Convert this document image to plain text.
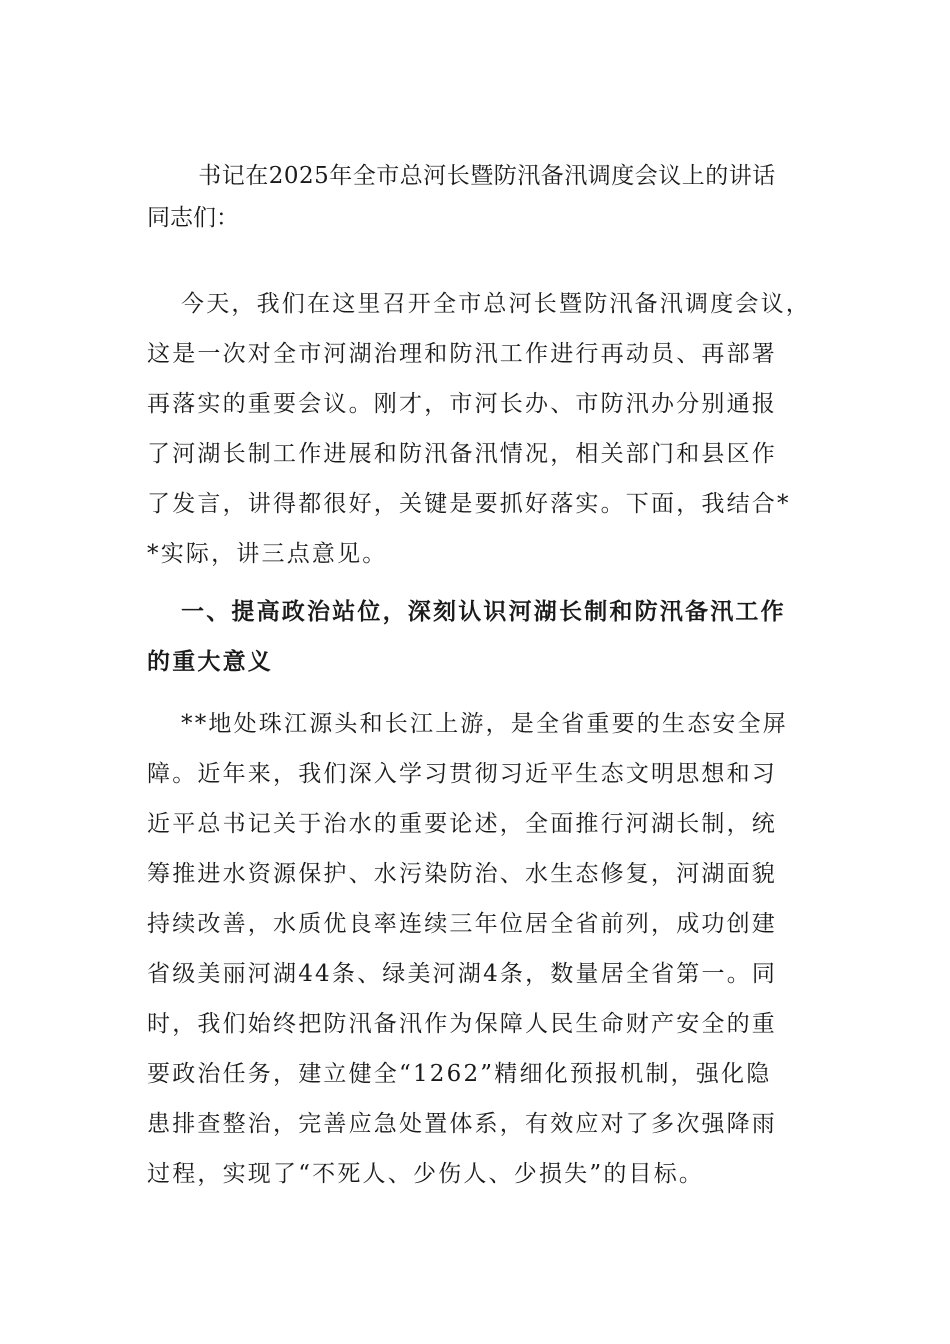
书记在2025年全市总河长暨防汛备汛调度会议上的讲话
同志们：
今天，我们在这里召开全市总河长暨防汛备汛调度会议，
这是一次对全市河湖治理和防汛工作进行再动员、再部署
再落实的重要会议。刚才，市河长办、市防汛办分别通报
了河湖长制工作进展和防汛备汛情况，相关部门和县区作
了发言，讲得都很好，关键是要抓好落实。下面，我结合*
*实际，讲三点意见。
一、提高政治站位，深刻认识河湖长制和防汛备汛工作
的重大意义
**地处珠江源头和长江上游，是全省重要的生态安全屏
障。近年来，我们深入学习贯彻习近平生态文明思想和习
近平总书记关于治水的重要论述，全面推行河湖长制，统
筹推进水资源保护、水污染防治、水生态修复，河湖面貌
持续改善，水质优良率连续三年位居全省前列，成功创建
省级美丽河湖44条、绿美河湖4条，数量居全省第一。同
时，我们始终把防汛备汛作为保障人民生命财产安全的重
要政治任务，建立健全“1262”精细化预报机制，强化隐
患排查整治，完善应急处置体系，有效应对了多次强降雨
过程，实现了“不死人、少伤人、少损失”的目标。
